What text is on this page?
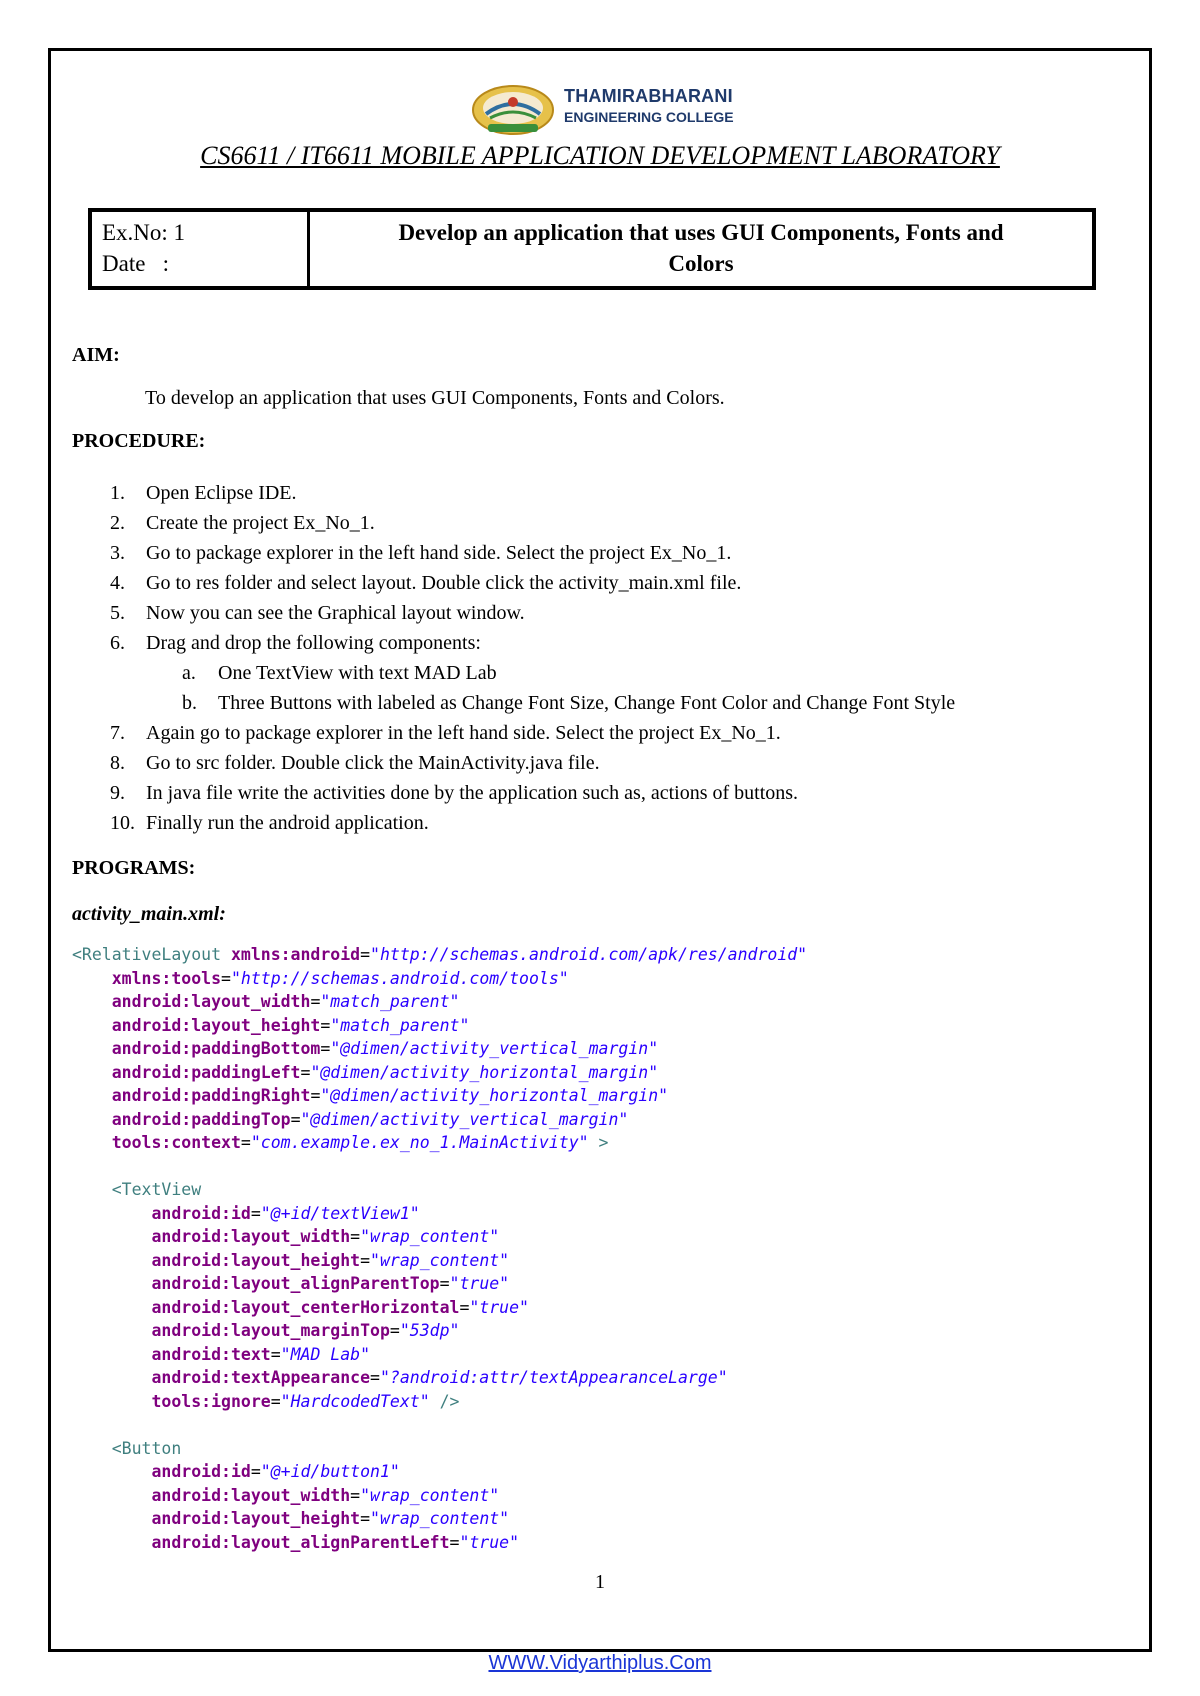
THAMIRABHARANI
ENGINEERING COLLEGE
CS6611 / IT6611 MOBILE APPLICATION DEVELOPMENT LABORATORY
Ex.No: 1
Date   :
Develop an application that uses GUI Components, Fonts and
Colors
AIM:
To develop an application that uses GUI Components, Fonts and Colors.
PROCEDURE:
1. Open Eclipse IDE.
2. Create the project Ex_No_1.
3. Go to package explorer in the left hand side. Select the project Ex_No_1.
4. Go to res folder and select layout. Double click the activity_main.xml file.
5. Now you can see the Graphical layout window.
6. Drag and drop the following components:
a. One TextView with text MAD Lab
b. Three Buttons with labeled as Change Font Size, Change Font Color and Change Font Style
7. Again go to package explorer in the left hand side. Select the project Ex_No_1.
8. Go to src folder. Double click the MainActivity.java file.
9. In java file write the activities done by the application such as, actions of buttons.
10. Finally run the android application.
PROGRAMS:
activity_main.xml:
<RelativeLayout xmlns:android="http://schemas.android.com/apk/res/android"
xmlns:tools="http://schemas.android.com/tools"
android:layout_width="match_parent"
android:layout_height="match_parent"
android:paddingBottom="@dimen/activity_vertical_margin"
android:paddingLeft="@dimen/activity_horizontal_margin"
android:paddingRight="@dimen/activity_horizontal_margin"
android:paddingTop="@dimen/activity_vertical_margin"
tools:context="com.example.ex_no_1.MainActivity" >

<TextView
android:id="@+id/textView1"
android:layout_width="wrap_content"
android:layout_height="wrap_content"
android:layout_alignParentTop="true"
android:layout_centerHorizontal="true"
android:layout_marginTop="53dp"
android:text="MAD Lab"
android:textAppearance="?android:attr/textAppearanceLarge"
tools:ignore="HardcodedText" />

<Button
android:id="@+id/button1"
android:layout_width="wrap_content"
android:layout_height="wrap_content"
android:layout_alignParentLeft="true"
1
WWW.Vidyarthiplus.Com
